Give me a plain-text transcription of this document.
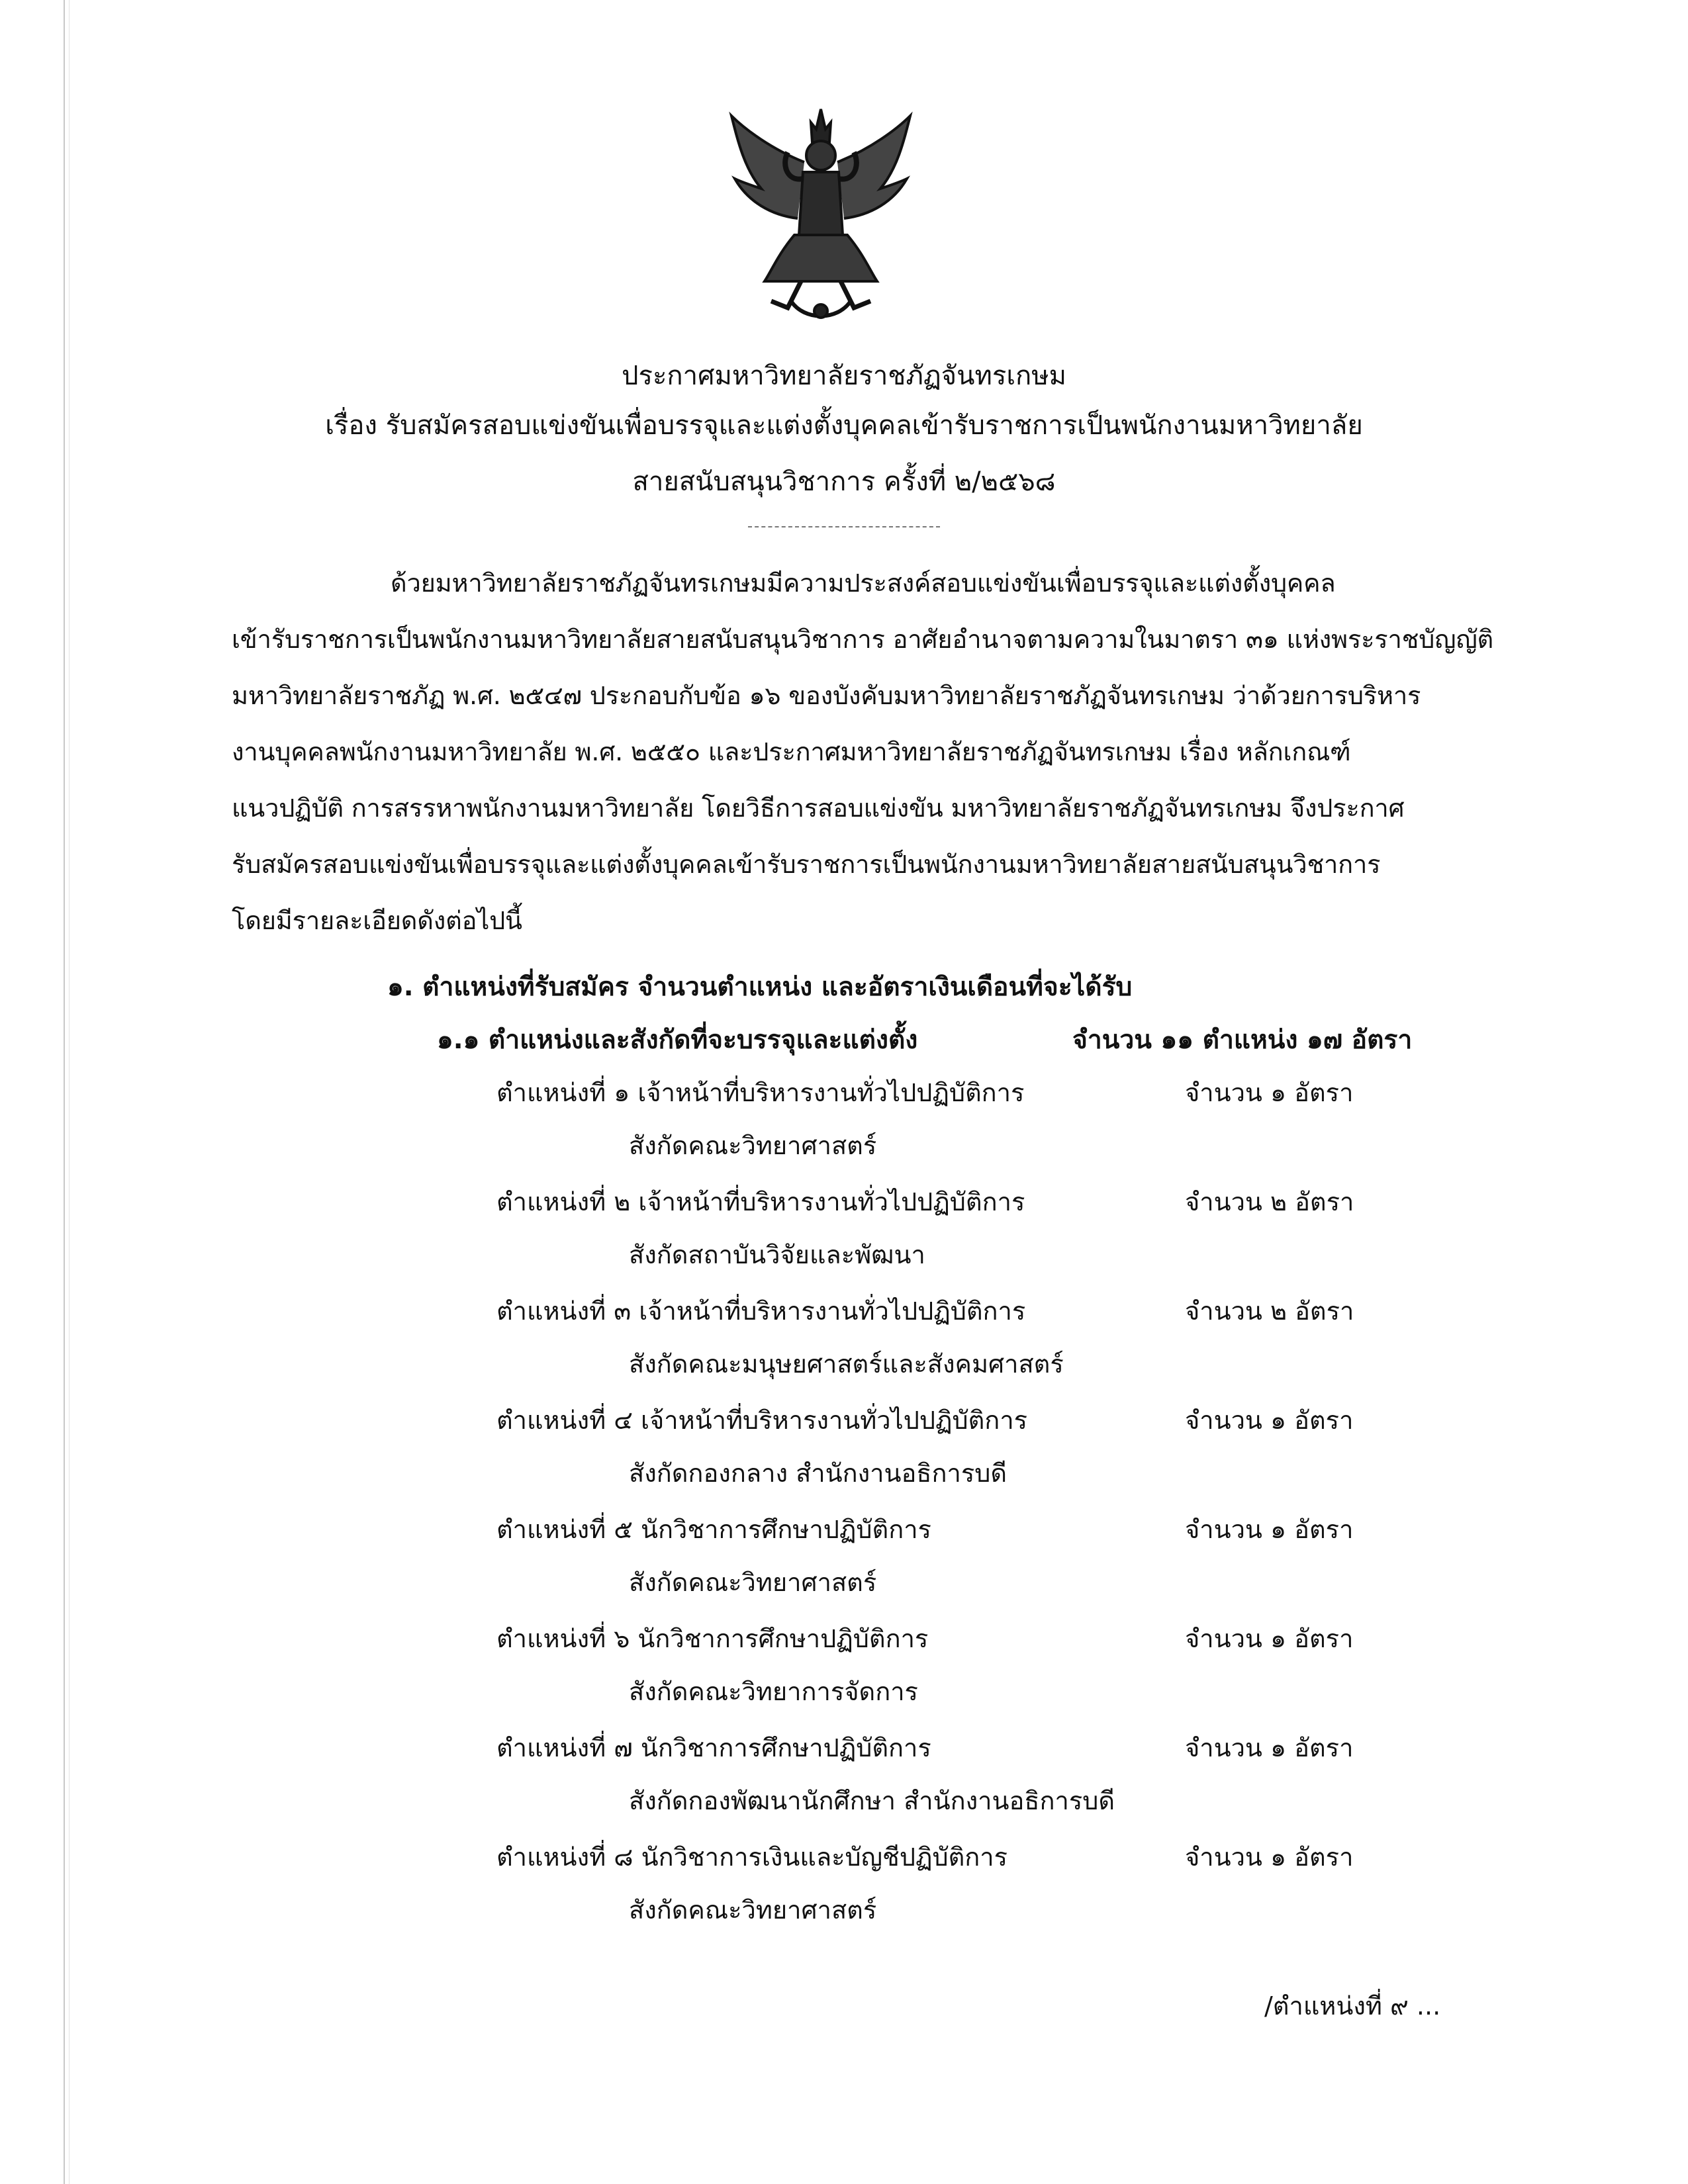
ประกาศมหาวิทยาลัยราชภัฏจันทรเกษม
เรื่อง รับสมัครสอบแข่งขันเพื่อบรรจุและแต่งตั้งบุคคลเข้ารับราชการเป็นพนักงานมหาวิทยาลัย
สายสนับสนุนวิชาการ ครั้งที่ ๒/๒๕๖๘
ด้วยมหาวิทยาลัยราชภัฏจันทรเกษมมีความประสงค์สอบแข่งขันเพื่อบรรจุและแต่งตั้งบุคคล
เข้ารับราชการเป็นพนักงานมหาวิทยาลัยสายสนับสนุนวิชาการ อาศัยอำนาจตามความในมาตรา ๓๑ แห่งพระราชบัญญัติ
มหาวิทยาลัยราชภัฏ พ.ศ. ๒๕๔๗ ประกอบกับข้อ ๑๖ ของบังคับมหาวิทยาลัยราชภัฏจันทรเกษม ว่าด้วยการบริหาร
งานบุคคลพนักงานมหาวิทยาลัย พ.ศ. ๒๕๕๐ และประกาศมหาวิทยาลัยราชภัฏจันทรเกษม เรื่อง หลักเกณฑ์
แนวปฏิบัติ การสรรหาพนักงานมหาวิทยาลัย โดยวิธีการสอบแข่งขัน มหาวิทยาลัยราชภัฏจันทรเกษม จึงประกาศ
รับสมัครสอบแข่งขันเพื่อบรรจุและแต่งตั้งบุคคลเข้ารับราชการเป็นพนักงานมหาวิทยาลัยสายสนับสนุนวิชาการ
โดยมีรายละเอียดดังต่อไปนี้
๑. ตำแหน่งที่รับสมัคร จำนวนตำแหน่ง และอัตราเงินเดือนที่จะได้รับ
๑.๑ ตำแหน่งและสังกัดที่จะบรรจุและแต่งตั้ง	จำนวน ๑๑ ตำแหน่ง ๑๗ อัตรา
ตำแหน่งที่ ๑ เจ้าหน้าที่บริหารงานทั่วไปปฏิบัติการ	จำนวน ๑ อัตรา
สังกัดคณะวิทยาศาสตร์
ตำแหน่งที่ ๒ เจ้าหน้าที่บริหารงานทั่วไปปฏิบัติการ	จำนวน ๒ อัตรา
สังกัดสถาบันวิจัยและพัฒนา
ตำแหน่งที่ ๓ เจ้าหน้าที่บริหารงานทั่วไปปฏิบัติการ	จำนวน ๒ อัตรา
สังกัดคณะมนุษยศาสตร์และสังคมศาสตร์
ตำแหน่งที่ ๔ เจ้าหน้าที่บริหารงานทั่วไปปฏิบัติการ	จำนวน ๑ อัตรา
สังกัดกองกลาง สำนักงานอธิการบดี
ตำแหน่งที่ ๕ นักวิชาการศึกษาปฏิบัติการ	จำนวน ๑ อัตรา
สังกัดคณะวิทยาศาสตร์
ตำแหน่งที่ ๖ นักวิชาการศึกษาปฏิบัติการ	จำนวน ๑ อัตรา
สังกัดคณะวิทยาการจัดการ
ตำแหน่งที่ ๗ นักวิชาการศึกษาปฏิบัติการ	จำนวน ๑ อัตรา
สังกัดกองพัฒนานักศึกษา สำนักงานอธิการบดี
ตำแหน่งที่ ๘ นักวิชาการเงินและบัญชีปฏิบัติการ	จำนวน ๑ อัตรา
สังกัดคณะวิทยาศาสตร์
/ตำแหน่งที่ ๙ ...
